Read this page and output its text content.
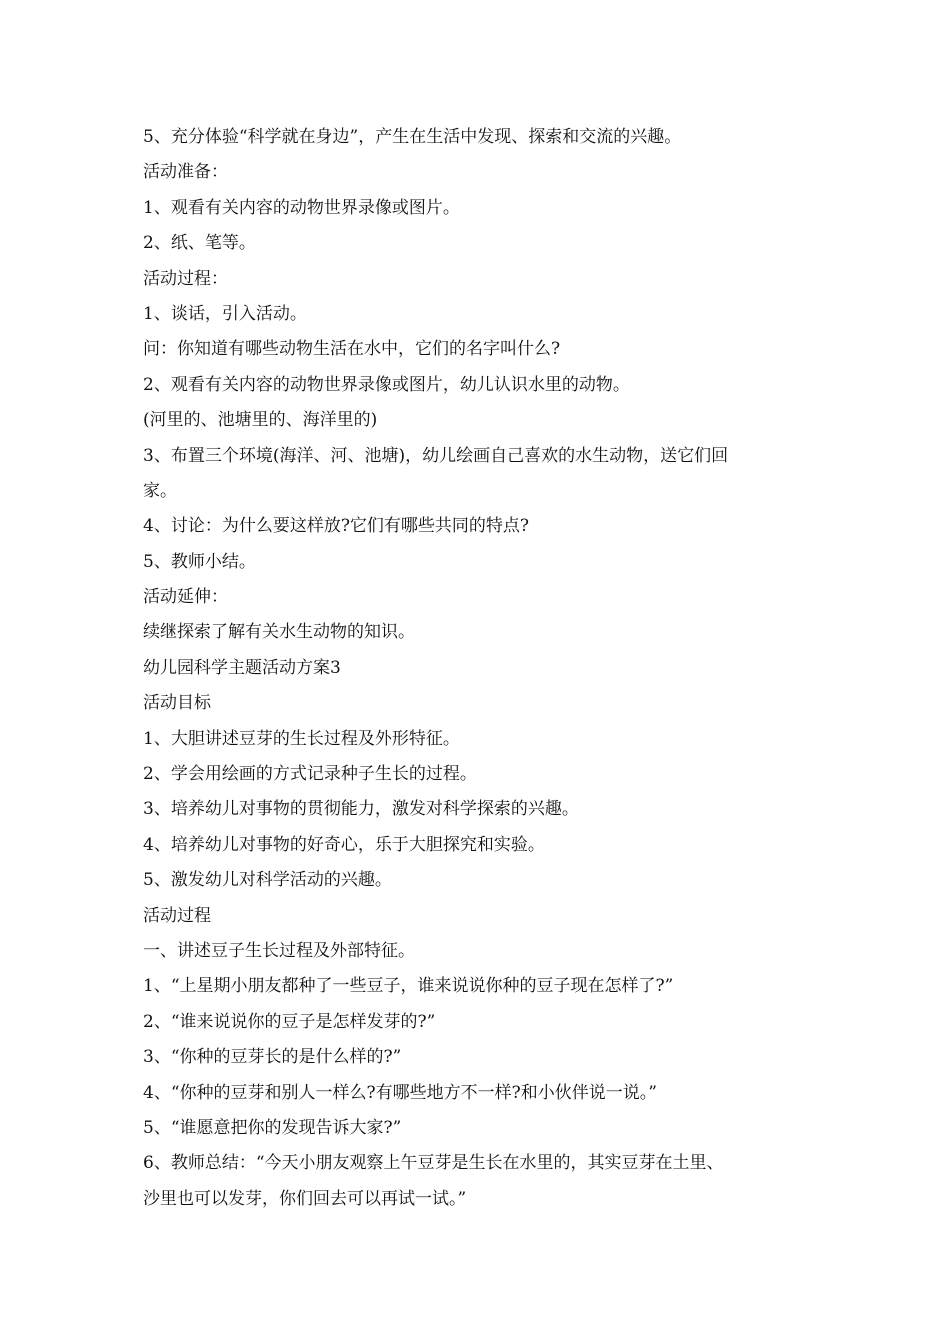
5、充分体验“科学就在身边”，产生在生活中发现、探索和交流的兴趣。
活动准备：
1、观看有关内容的动物世界录像或图片。
2、纸、笔等。
活动过程：
1、谈话，引入活动。
问：你知道有哪些动物生活在水中，它们的名字叫什么?
2、观看有关内容的动物世界录像或图片，幼儿认识水里的动物。
(河里的、池塘里的、海洋里的)
3、布置三个环境(海洋、河、池塘)，幼儿绘画自己喜欢的水生动物，送它们回
家。
4、讨论：为什么要这样放?它们有哪些共同的特点?
5、教师小结。
活动延伸：
续继探索了解有关水生动物的知识。
幼儿园科学主题活动方案3
活动目标
1、大胆讲述豆芽的生长过程及外形特征。
2、学会用绘画的方式记录种子生长的过程。
3、培养幼儿对事物的贯彻能力，激发对科学探索的兴趣。
4、培养幼儿对事物的好奇心，乐于大胆探究和实验。
5、激发幼儿对科学活动的兴趣。
活动过程
一、讲述豆子生长过程及外部特征。
1、“上星期小朋友都种了一些豆子，谁来说说你种的豆子现在怎样了?”
2、“谁来说说你的豆子是怎样发芽的?”
3、“你种的豆芽长的是什么样的?”
4、“你种的豆芽和别人一样么?有哪些地方不一样?和小伙伴说一说。”
5、“谁愿意把你的发现告诉大家?”
6、教师总结：“今天小朋友观察上午豆芽是生长在水里的，其实豆芽在土里、
沙里也可以发芽，你们回去可以再试一试。”
